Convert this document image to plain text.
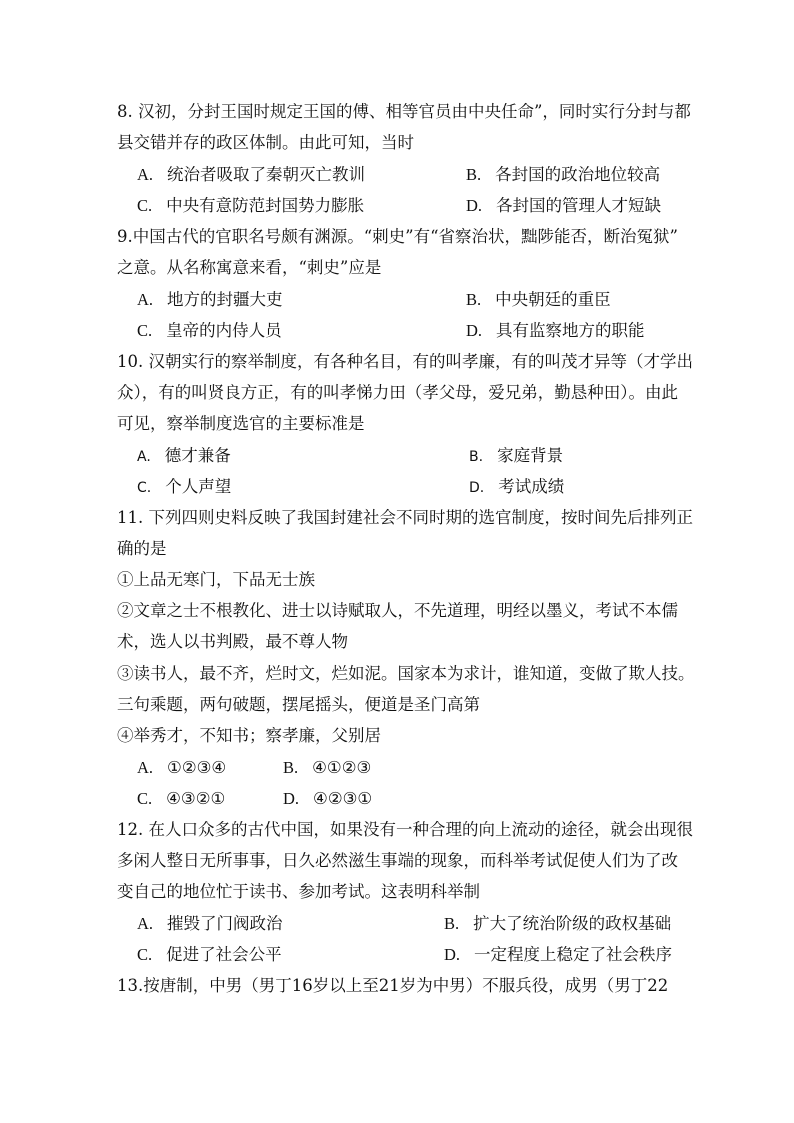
8. 汉初，分封王国时规定王国的傅、相等官员由中央任命”，同时实行分封与都
县交错并存的政区体制。由此可知，当时
A. 统治者吸取了秦朝灭亡教训	B. 各封国的政治地位较高
C. 中央有意防范封国势力膨胀	D. 各封国的管理人才短缺
9.中国古代的官职名号颇有渊源。“刺史”有“省察治状，黜陟能否，断治冤狱”
之意。从名称寓意来看，“刺史”应是
A. 地方的封疆大吏	B. 中央朝廷的重臣
C. 皇帝的内侍人员	D. 具有监察地方的职能
10. 汉朝实行的察举制度，有各种名目，有的叫孝廉，有的叫茂才异等（才学出
众），有的叫贤良方正，有的叫孝悌力田（孝父母，爱兄弟，勤恳种田）。由此
可见，察举制度选官的主要标准是
A. 德才兼备	B. 家庭背景
C. 个人声望	D. 考试成绩
11. 下列四则史料反映了我国封建社会不同时期的选官制度，按时间先后排列正
确的是
①上品无寒门，下品无士族
②文章之士不根教化、进士以诗赋取人，不先道理，明经以墨义，考试不本儒
术，选人以书判殿，最不尊人物
③读书人，最不齐，烂时文，烂如泥。国家本为求计，谁知道，变做了欺人技。
三句乘题，两句破题，摆尾摇头，便道是圣门高第
④举秀才，不知书；察孝廉，父别居
A. ①②③④	B. ④①②③
C. ④③②①	D. ④②③①
12. 在人口众多的古代中国，如果没有一种合理的向上流动的途径，就会出现很
多闲人整日无所事事，日久必然滋生事端的现象，而科举考试促使人们为了改
变自己的地位忙于读书、参加考试。这表明科举制
A. 摧毁了门阀政治	B. 扩大了统治阶级的政权基础
C. 促进了社会公平	D. 一定程度上稳定了社会秩序
13.按唐制，中男（男丁16岁以上至21岁为中男）不服兵役，成男（男丁22
